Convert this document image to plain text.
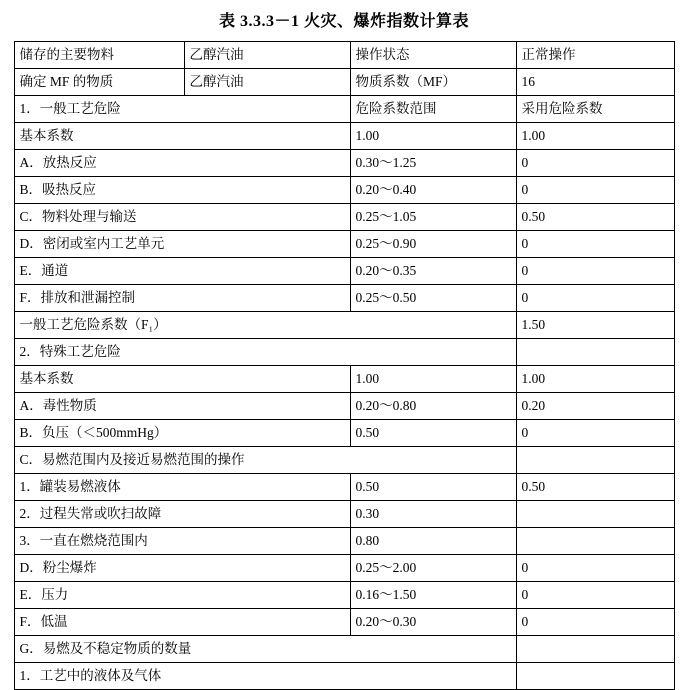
表 3.3.3－1 火灾、爆炸指数计算表
储存的主要物料	乙醇汽油	操作状态	正常操作
确定 MF 的物质	乙醇汽油	物质系数（MF）	16
1．一般工艺危险		危险系数范围	采用危险系数
基本系数		1.00	1.00
A．放热反应		0.30～1.25	0
B．吸热反应		0.20～0.40	0
C．物料处理与输送		0.25～1.05	0.50
D．密闭或室内工艺单元		0.25～0.90	0
E．通道		0.20～0.35	0
F．排放和泄漏控制		0.25～0.50	0
一般工艺危险系数（F₁）			1.50
2．特殊工艺危险			
基本系数		1.00	1.00
A．毒性物质		0.20～0.80	0.20
B．负压（＜500mmHg）		0.50	0
C．易燃范围内及接近易燃范围的操作			
1．罐装易燃液体		0.50	0.50
2．过程失常或吹扫故障		0.30	
3．一直在燃烧范围内		0.80	
D．粉尘爆炸		0.25～2.00	0
E．压力		0.16～1.50	0
F．低温		0.20～0.30	0
G．易燃及不稳定物质的数量			
1．工艺中的液体及气体			
